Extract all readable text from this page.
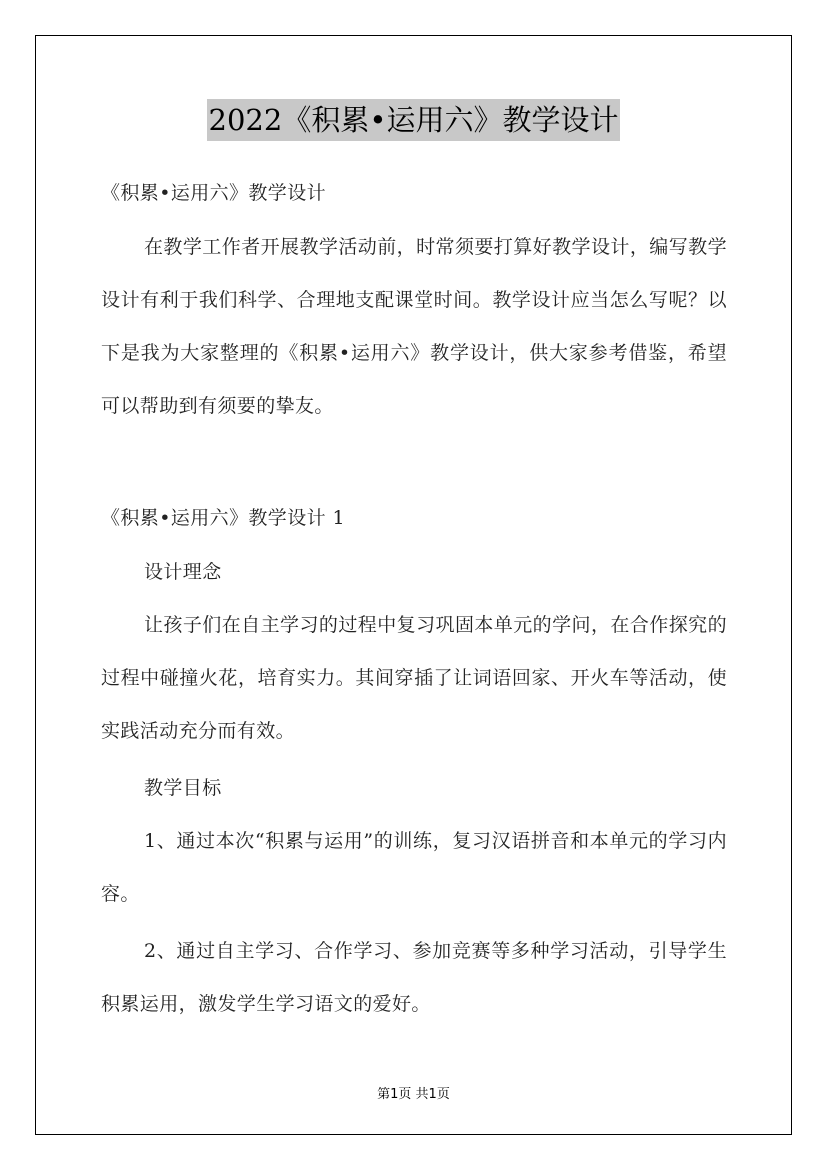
2022《积累•运用六》教学设计

《积累•运用六》教学设计

在教学工作者开展教学活动前，时常须要打算好教学设计，编写教学设计有利于我们科学、合理地支配课堂时间。教学设计应当怎么写呢？以下是我为大家整理的《积累•运用六》教学设计，供大家参考借鉴，希望可以帮助到有须要的挚友。

《积累•运用六》教学设计 1

设计理念

让孩子们在自主学习的过程中复习巩固本单元的学问，在合作探究的过程中碰撞火花，培育实力。其间穿插了让词语回家、开火车等活动，使实践活动充分而有效。

教学目标

1、通过本次“积累与运用”的训练，复习汉语拼音和本单元的学习内容。

2、通过自主学习、合作学习、参加竞赛等多种学习活动，引导学生积累运用，激发学生学习语文的爱好。

第1页 共1页
